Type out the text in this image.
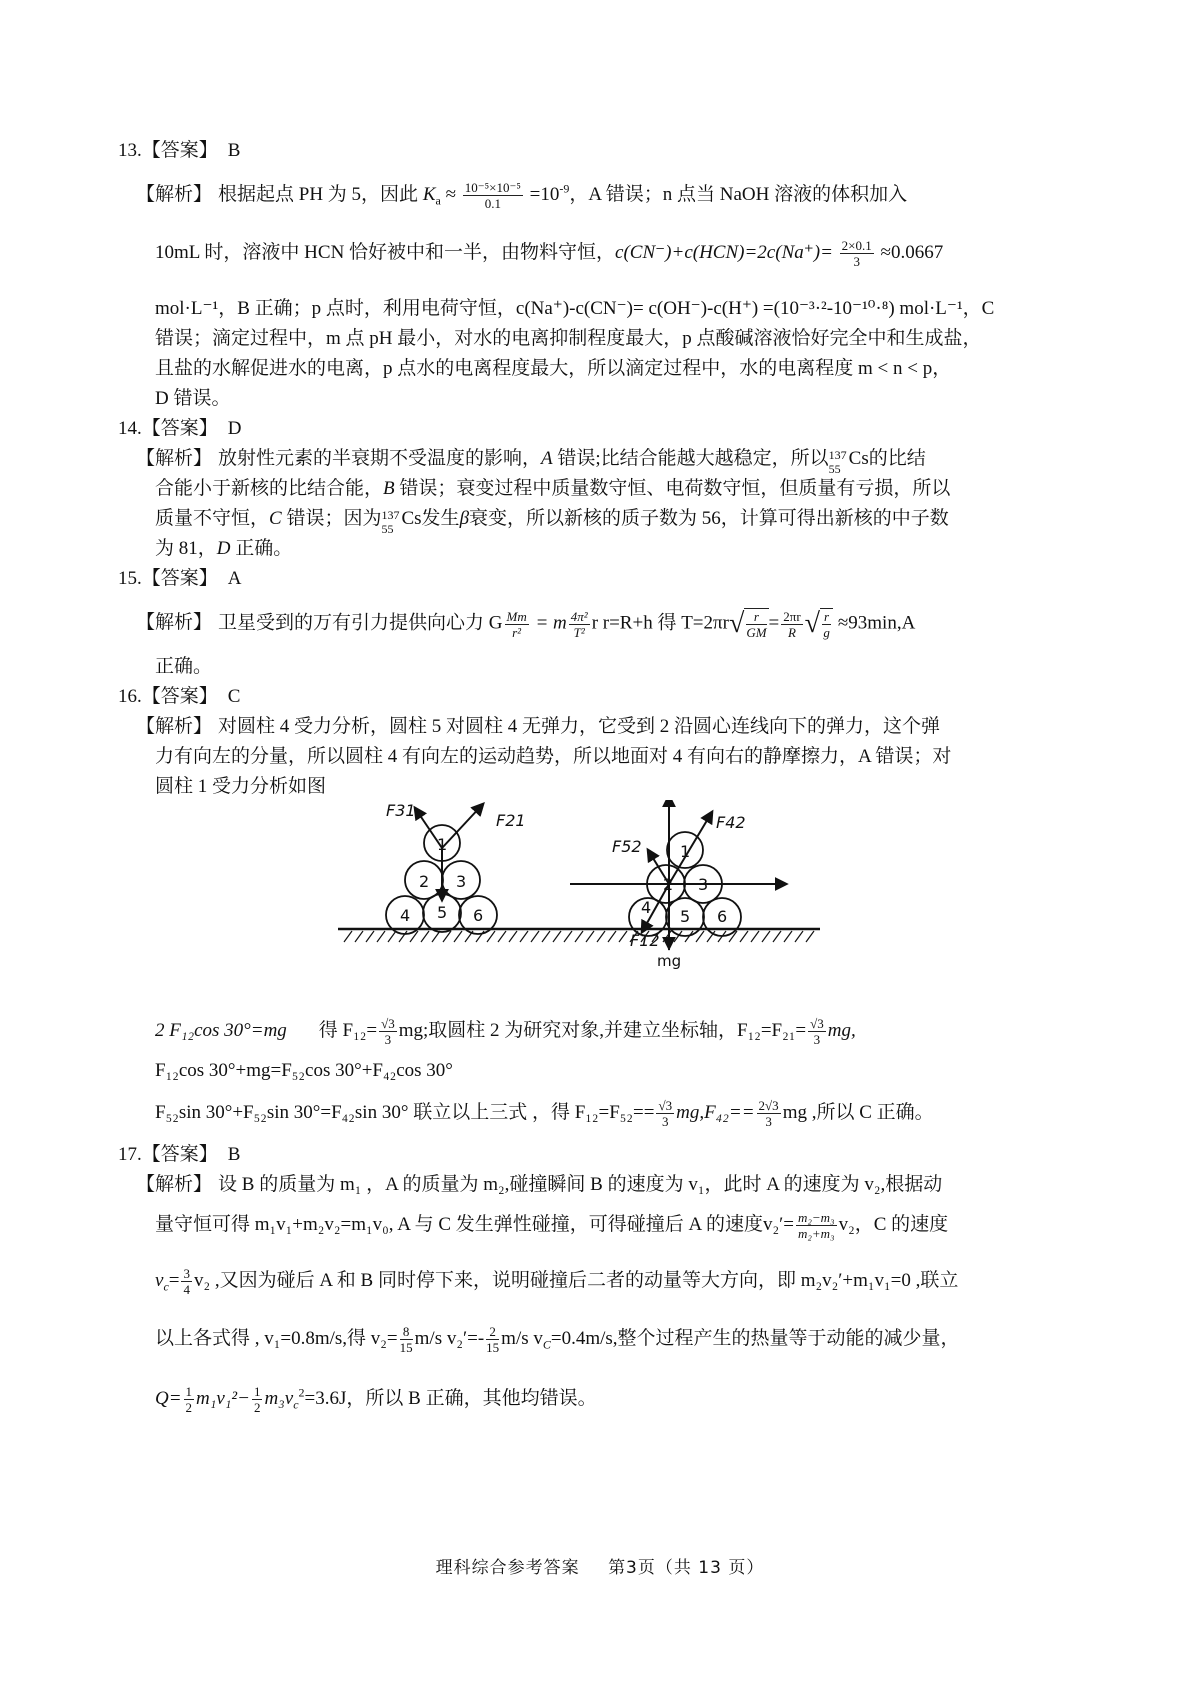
13.【答案】 B
【解析】 根据起点 PH 为 5，因此 $K_a \approx \frac{\text{10⁻⁵×10⁻⁵}}{0.1} =10^{-9}$，A 错误；n 点当 NaOH 溶液的体积加入
10mL 时，溶液中 HCN 恰好被中和一半，由物料守恒，$c(CN^-)+c(HCN)=2c(Na^+)= \frac{2\times 0.1}{3} \approx 0.0667$
mol·L⁻¹，B 正确；p 点时，利用电荷守恒，c(Na⁺)-c(CN⁻)= c(OH⁻)-c(H⁺) =(10⁻³·²-10⁻¹⁰·⁸) mol·L⁻¹，C
错误；滴定过程中，m 点 pH 最小，对水的电离抑制程度最大，p 点酸碱溶液恰好完全中和生成盐，
且盐的水解促进水的电离，p 点水的电离程度最大，所以滴定过程中，水的电离程度 m < n < p，
D 错误。
14.【答案】 D
【解析】 放射性元素的半衰期不受温度的影响，A 错误;比结合能越大越稳定，所以 137
55 Cs的比结
合能小于新核的比结合能，B 错误；衰变过程中质量数守恒、电荷数守恒，但质量有亏损，所以
质量不守恒，C 错误；因为 137
55 Cs发生β衰变，所以新核的质子数为 56，计算可得出新核的中子数
为 81，D 正确。
15.【答案】 A
【解析】 卫星受到的万有引力提供向心力 G $\frac{Mm}{\text{r²}} = m \frac{\text{4π²}}{\text{T²}}$ r r=R+h 得 $T=2\pi r√ \frac{r}{GM} = \frac{2\pi r}{R}$ √ $\frac{r}{g} \approx 93\min,A$
正确。
16.【答案】 C
【解析】 对圆柱 4 受力分析，圆柱 5 对圆柱 4 无弹力，它受到 2 沿圆心连线向下的弹力，这个弹
力有向左的分量，所以圆柱 4 有向左的运动趋势，所以地面对 4 有向右的静摩擦力，A 错误；对
圆柱 1 受力分析如图
1
2 3
4 5 6
F31
F21
1
2 3
4 5 6
F42
F52
F12
mg
2 F₁₂cos 30°=mg 得 $F_{12}= \frac{√3}{3}$ mg;取圆柱 2 为研究对象,并建立坐标轴，$F_{12}=F_{21}= \frac{√3}{3}$ mg,
F₁₂cos 30°+mg=F₅₂cos 30°+F₄₂cos 30°
F₅₂sin 30°+F₅₂sin 30°=F₄₂sin 30° 联立以上三式 ，得 $F_{12}=F_{52}== \frac{√3}{3} mg,F_{42}== \frac{2√3}{3}$ mg ,所以 C 正确。
17.【答案】 B
【解析】 设 B 的质量为 m₁ ，A 的质量为 m₂,碰撞瞬间 B 的速度为 v₁，此时 A 的速度为 v₂,根据动
量守恒可得 m₁v₁+m₂v₂=m₁v₀, A 与 C 发生弹性碰撞，可得碰撞后 A 的速度$v_2'= \frac{\text{m₂−m₃}}{\text{m₂+m₃}} v_2$，C 的速度
$v_c= \frac{3}{4} v_2$ ,又因为碰后 A 和 B 同时停下来，说明碰撞后二者的动量等大方向，即 m₂v₂′+m₁v₁=0 ,联立
以上各式得 , v₁=0.8m/s,得 $v_2= \frac{8}{15} m/s$ $v_2'=- \frac{2}{15} m/s$ $v_C=0.4m/s$,整个过程产生的热量等于动能的减少量，
$Q= \frac{1}{2} m_1v_1^2- \frac{1}{2} m_3v_c^2=3.6J$，所以 B 正确，其他均错误。
理科综合参考答案 第3页（共 13 页）
